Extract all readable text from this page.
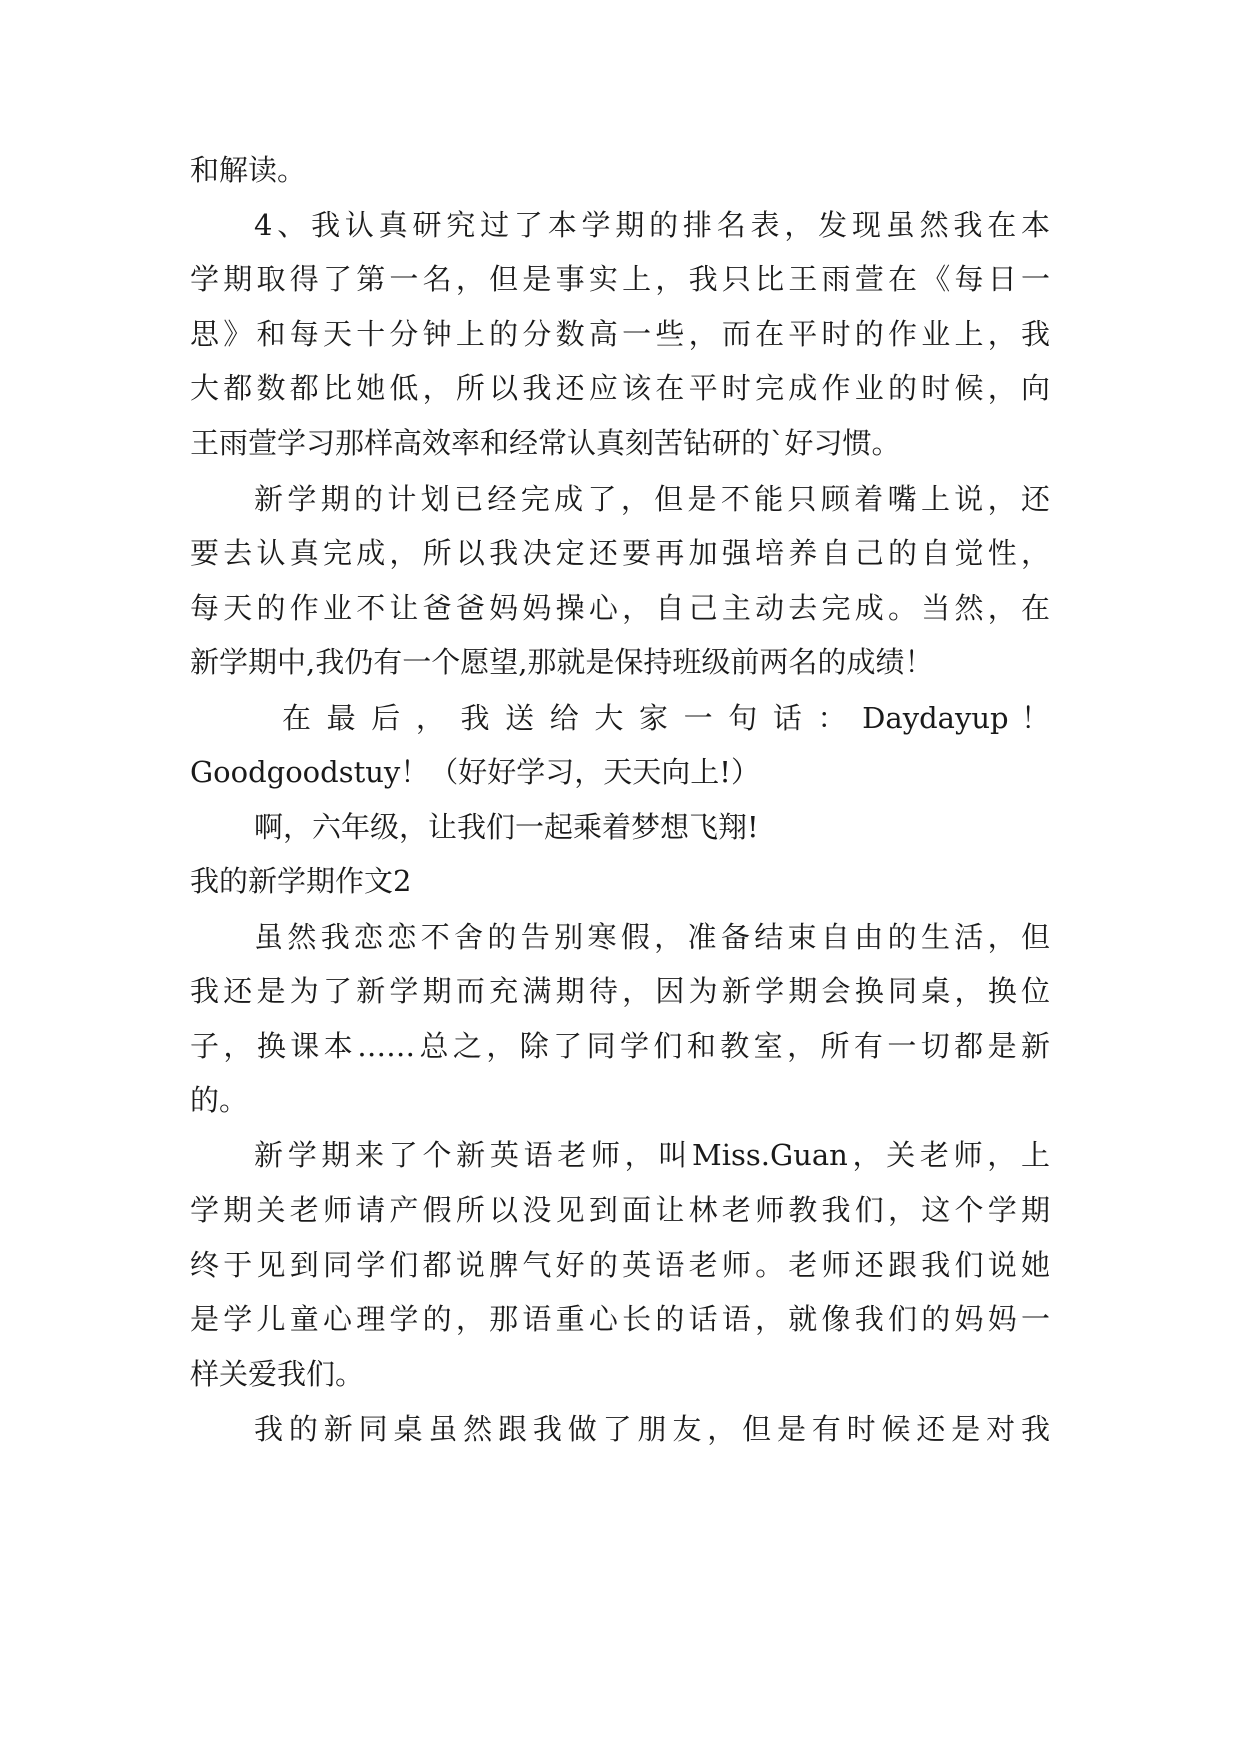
和解读。
4、我认真研究过了本学期的排名表，发现虽然我在本
学期取得了第一名，但是事实上，我只比王雨萱在《每日一
思》和每天十分钟上的分数高一些，而在平时的作业上，我
大都数都比她低，所以我还应该在平时完成作业的时候，向
王雨萱学习那样高效率和经常认真刻苦钻研的`好习惯。
新学期的计划已经完成了，但是不能只顾着嘴上说，还
要去认真完成，所以我决定还要再加强培养自己的自觉性，
每天的作业不让爸爸妈妈操心，自己主动去完成。当然，在
新学期中,我仍有一个愿望,那就是保持班级前两名的成绩！
在 最 后 ， 我 送 给 大 家 一 句 话 ： Daydayup ！
Goodgoodstuy！（好好学习，天天向上!）
啊，六年级，让我们一起乘着梦想飞翔!
我的新学期作文2
虽然我恋恋不舍的告别寒假，准备结束自由的生活，但
我还是为了新学期而充满期待，因为新学期会换同桌，换位
子，换课本……总之，除了同学们和教室，所有一切都是新
的。
新学期来了个新英语老师，叫Miss.Guan，关老师，上
学期关老师请产假所以没见到面让林老师教我们，这个学期
终于见到同学们都说脾气好的英语老师。老师还跟我们说她
是学儿童心理学的，那语重心长的话语，就像我们的妈妈一
样关爱我们。
我的新同桌虽然跟我做了朋友，但是有时候还是对我
